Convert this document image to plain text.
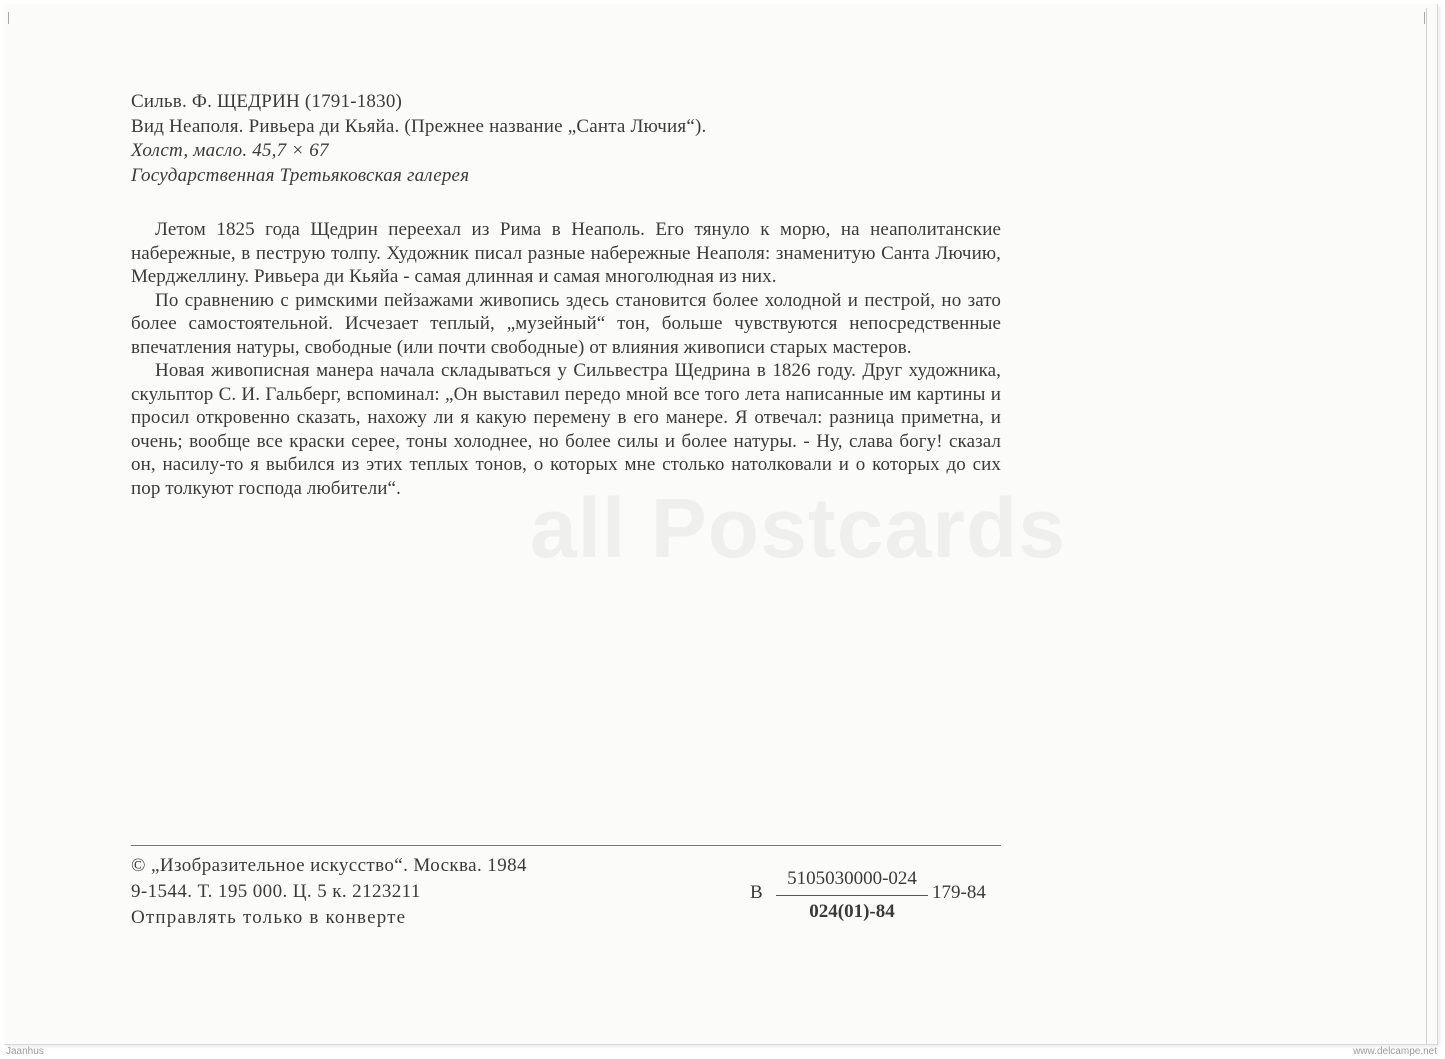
Сильв. Ф. ЩЕДРИН (1791-1830)
Вид Неаполя. Ривьера ди Кьяйа. (Прежнее название „Санта Лючия“).
Холст, масло. 45,7 × 67
Государственная Третьяковская галерея

Летом 1825 года Щедрин переехал из Рима в Неаполь. Его тянуло к морю, на неаполитанские набережные, в пеструю толпу. Художник писал разные набережные Неаполя: знаменитую Санта Лючию, Мерджеллину. Ривьера ди Кьяйа - самая длинная и самая многолюдная из них.

По сравнению с римскими пейзажами живопись здесь становится более холодной и пестрой, но зато более самостоятельной. Исчезает теплый, „музейный“ тон, больше чувствуются непосредственные впечатления натуры, свободные (или почти свободные) от влияния живописи старых мастеров.

Новая живописная манера начала складываться у Сильвестра Щедрина в 1826 году. Друг художника, скульптор С. И. Гальберг, вспоминал: „Он выставил передо мной все того лета написанные им картины и просил откровенно сказать, нахожу ли я какую перемену в его манере. Я отвечал: разница приметна, и очень; вообще все краски серее, тоны холоднее, но более силы и более натуры. - Ну, слава богу! сказал он, насилу-то я выбился из этих теплых тонов, о которых мне столько натолковали и о которых до сих пор толкуют господа любители“.	all Postcards
© „Изобразительное искусство“. Москва. 1984
9-1544. Т. 195 000. Ц. 5 к. 2123211
Отправлять только в конверте
В
5105030000-024
024(01)-84
179-84
Jaanhus	www.delcampe.net
